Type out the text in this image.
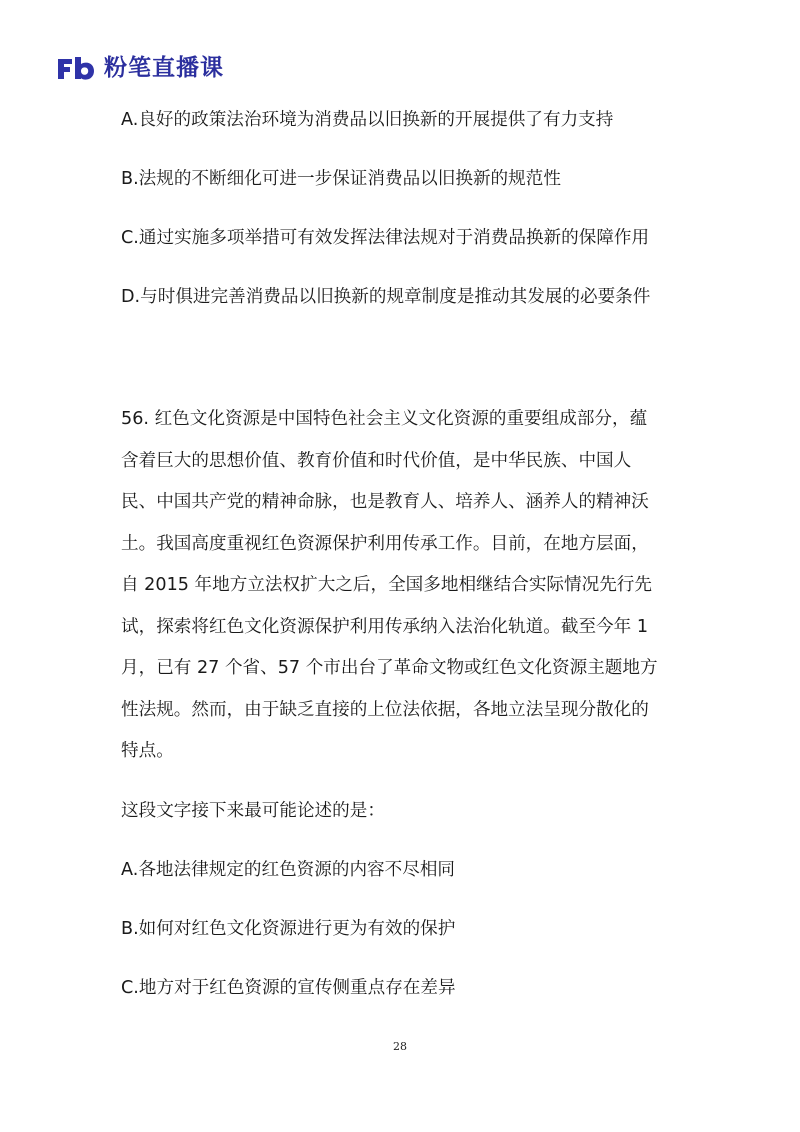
粉笔直播课
A.良好的政策法治环境为消费品以旧换新的开展提供了有力支持
B.法规的不断细化可进一步保证消费品以旧换新的规范性
C.通过实施多项举措可有效发挥法律法规对于消费品换新的保障作用
D.与时俱进完善消费品以旧换新的规章制度是推动其发展的必要条件
56. 红色文化资源是中国特色社会主义文化资源的重要组成部分，蕴
含着巨大的思想价值、教育价值和时代价值，是中华民族、中国人
民、中国共产党的精神命脉，也是教育人、培养人、涵养人的精神沃
土。我国高度重视红色资源保护利用传承工作。目前，在地方层面，
自 2015 年地方立法权扩大之后，全国多地相继结合实际情况先行先
试，探索将红色文化资源保护利用传承纳入法治化轨道。截至今年 1
月，已有 27 个省、57 个市出台了革命文物或红色文化资源主题地方
性法规。然而，由于缺乏直接的上位法依据，各地立法呈现分散化的
特点。
这段文字接下来最可能论述的是：
A.各地法律规定的红色资源的内容不尽相同
B.如何对红色文化资源进行更为有效的保护
C.地方对于红色资源的宣传侧重点存在差异
28
